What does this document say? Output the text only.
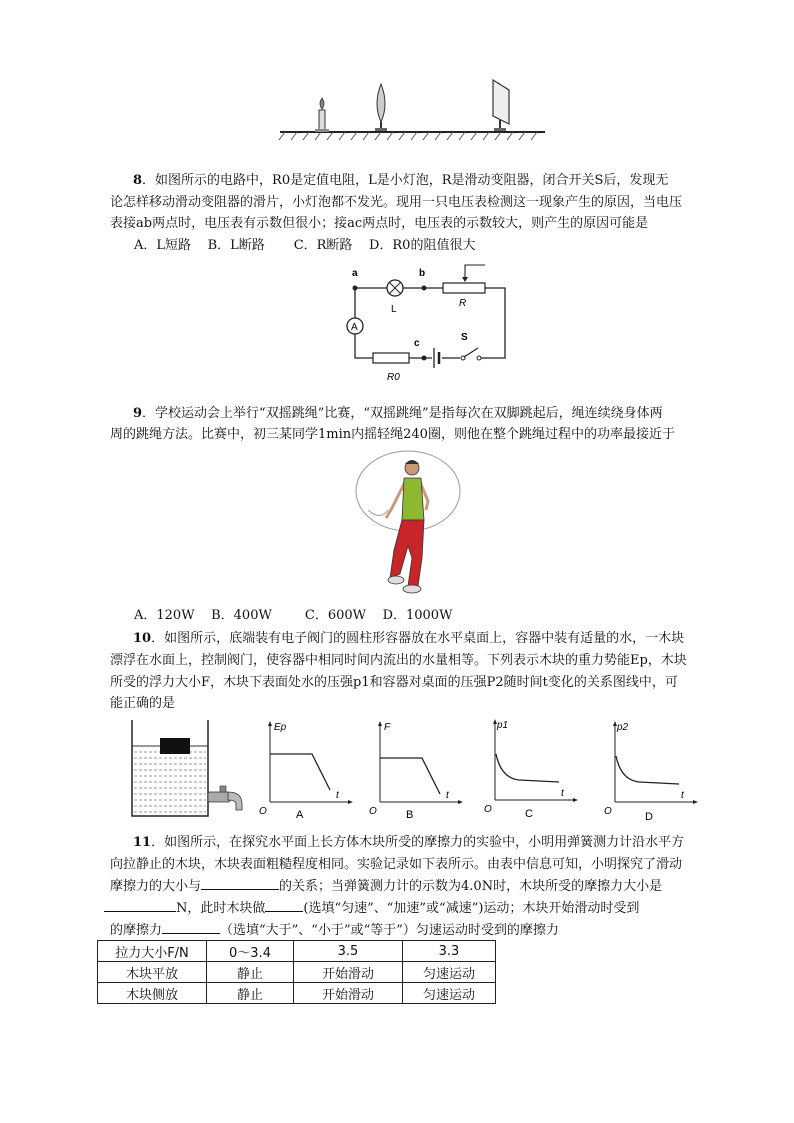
8．如图所示的电路中，R0是定值电阻，L是小灯泡，R是滑动变阻器，闭合开关S后，发现无
论怎样移动滑动变阻器的滑片，小灯泡都不发光。现用一只电压表检测这一现象产生的原因，当电压
表接ab两点时，电压表有示数但很小；接ac两点时，电压表的示数较大，则产生的原因可能是
A．L短路 B．L断路 C．R断路 D．R0的阻值很大
A
L
a	b
c
R
R0
S
9．学校运动会上举行“双摇跳绳”比赛，“双摇跳绳”是指每次在双脚跳起后，绳连续绕身体两
周的跳绳方法。比赛中，初三某同学1min内摇轻绳240圈，则他在整个跳绳过程中的功率最接近于
A．120W B．400W	C．600W D．1000W
10．如图所示，底端装有电子阀门的圆柱形容器放在水平桌面上，容器中装有适量的水，一木块
漂浮在水面上，控制阀门，使容器中相同时间内流出的水量相等。下列表示木块的重力势能Ep，木块
所受的浮力大小F，木块下表面处水的压强p1和容器对桌面的压强P2随时间t变化的关系图线中，可
能正确的是
Ep
t
O	A
F
t
O	B
p1
t
O	C
p2
t
O	D
11．如图所示，在探究水平面上长方体木块所受的摩擦力的实验中，小明用弹簧测力计沿水平方
向拉静止的木块，木块表面粗糙程度相同。实验记录如下表所示。由表中信息可知，小明探究了滑动
摩擦力的大小与	的关系；当弹簧测力计的示数为4.0N时，木块所受的摩擦力大小是
N，此时木块做	(选填“匀速”、“加速”或“减速”)运动；木块开始滑动时受到
的摩擦力	（选填“大于”、“小于”或“等于”）匀速运动时受到的摩擦力
拉力大小F/N	0～3.4	3.5	3.3
木块平放	静止	开始滑动	匀速运动
木块侧放	静止	开始滑动	匀速运动
